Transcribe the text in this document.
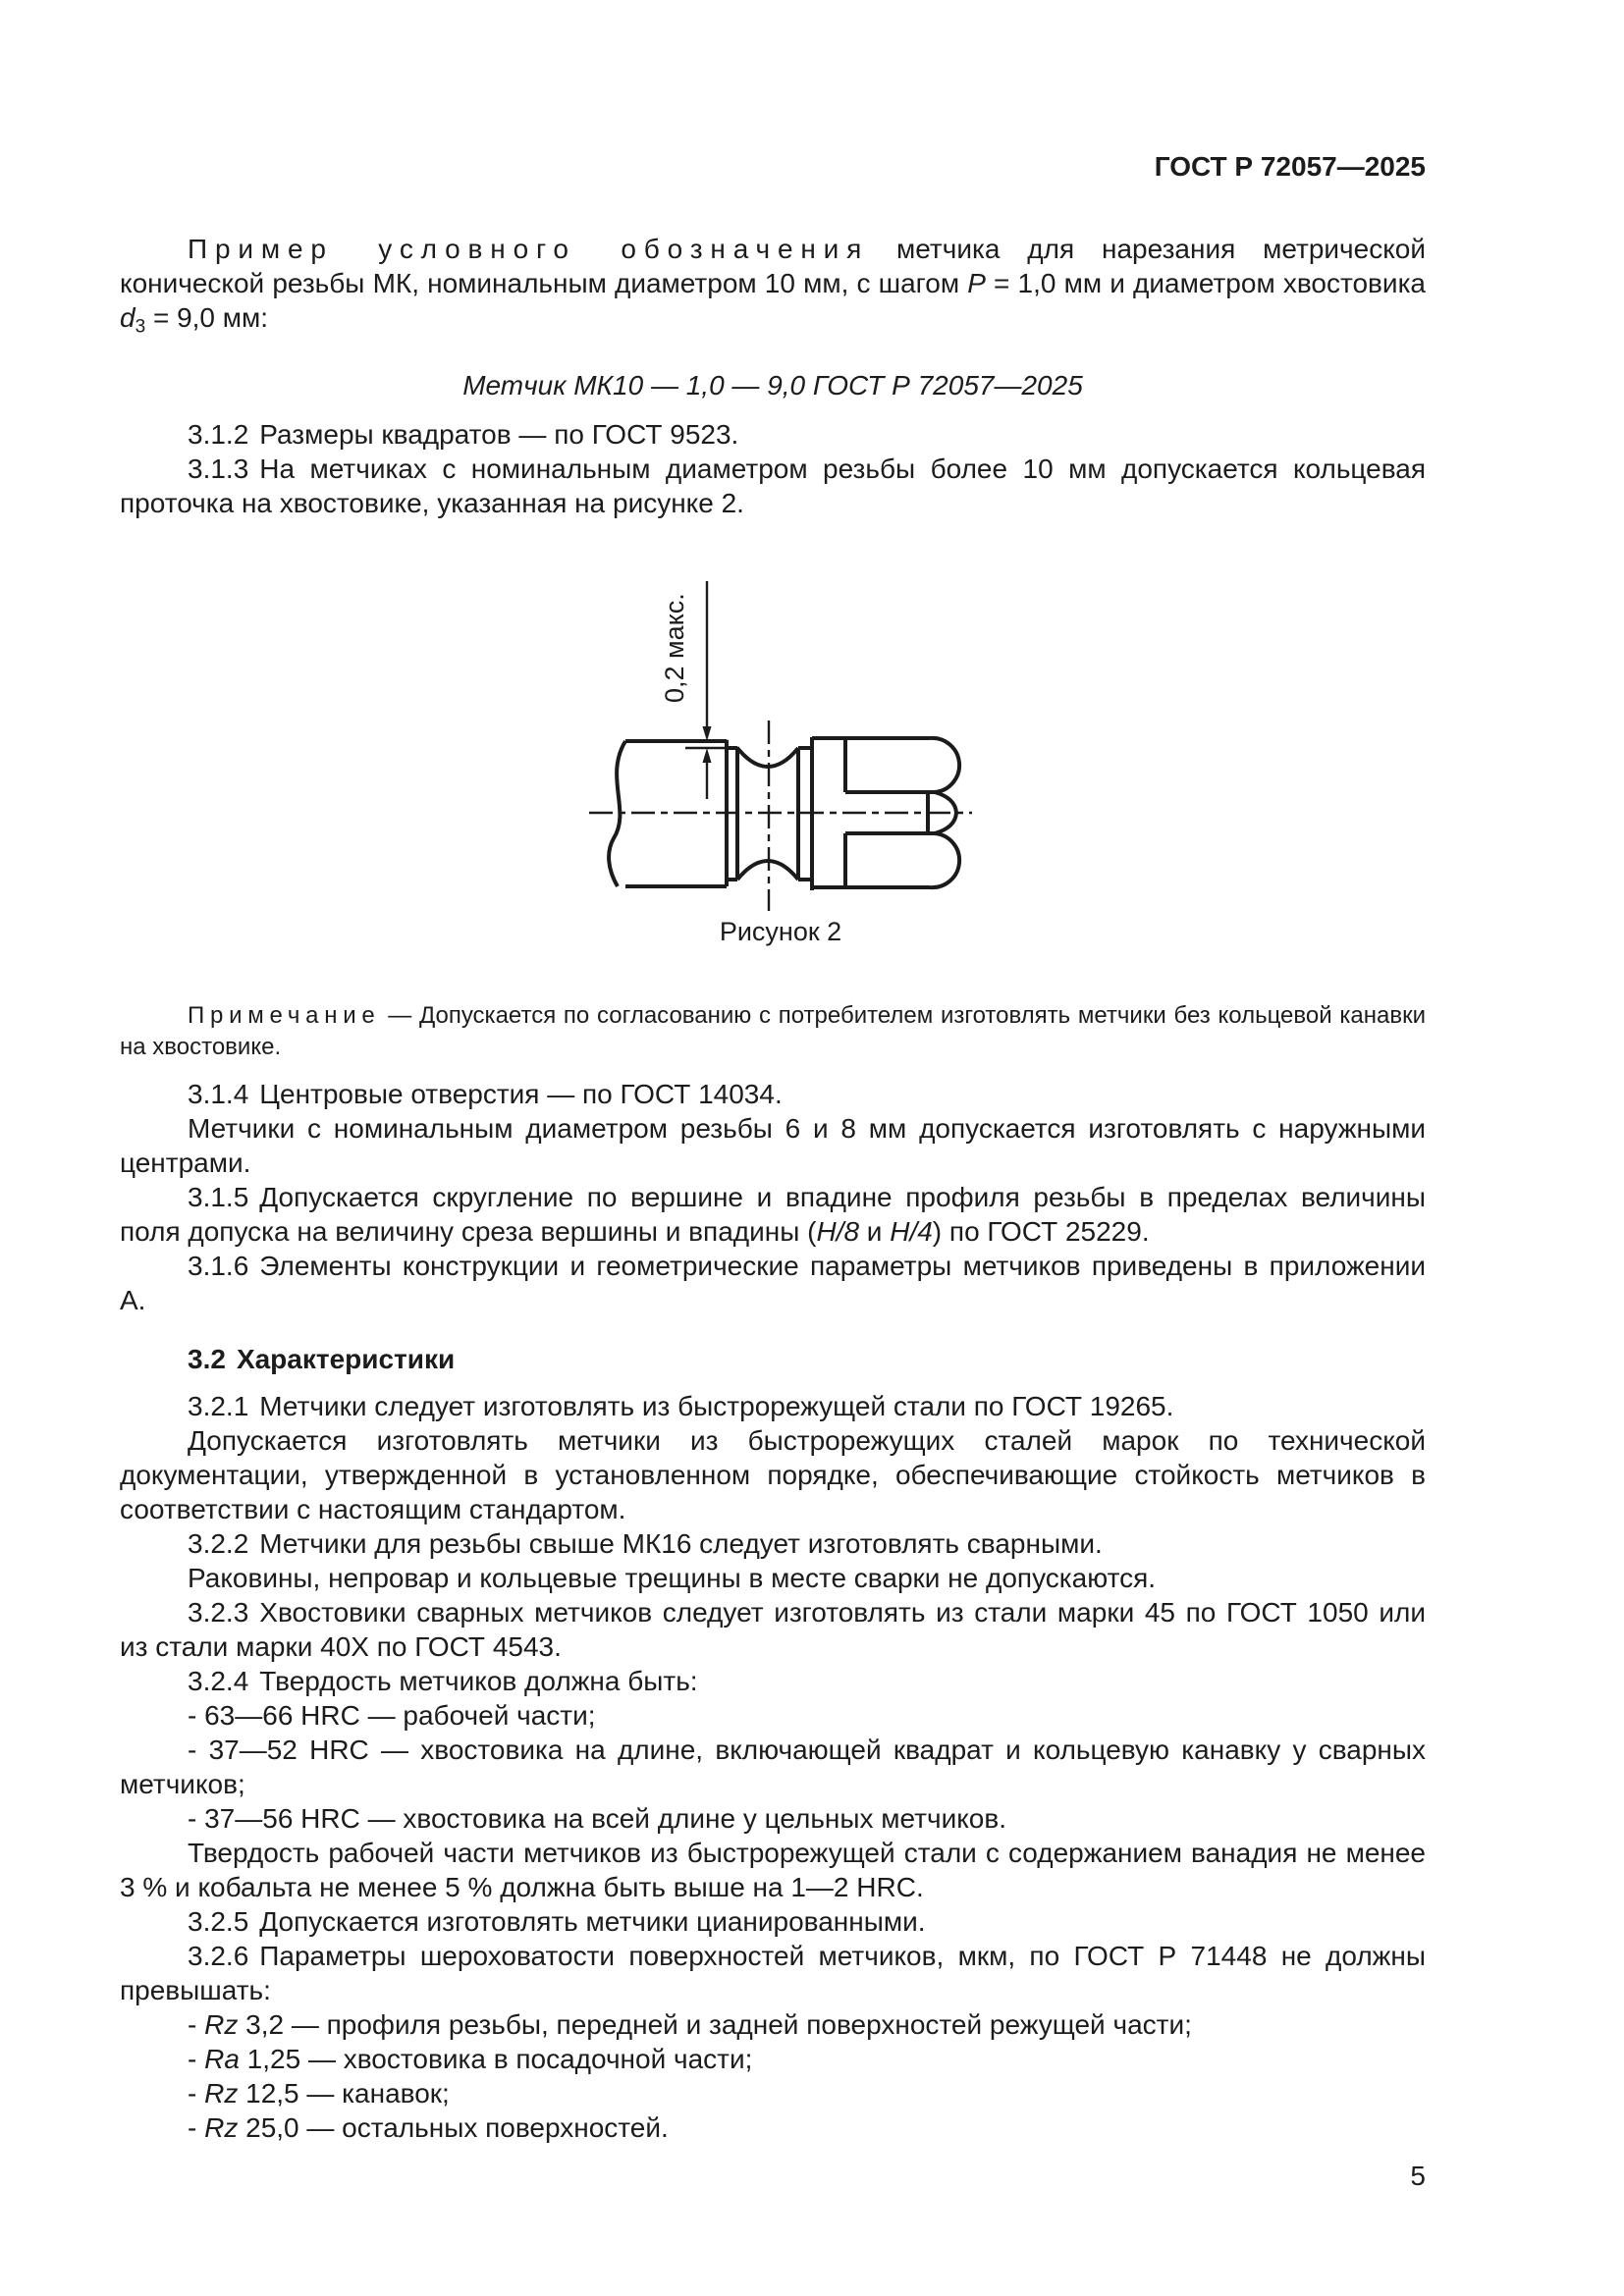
ГОСТ Р 72057—2025

Пример условного обозначения метчика для нарезания метрической конической резьбы МК, номинальным диаметром 10 мм, с шагом P = 1,0 мм и диаметром хвостовика $d_3 = 9,0$ мм:

Метчик МК10 — 1,0 — 9,0 ГОСТ Р 72057—2025

3.1.2 Размеры квадратов — по ГОСТ 9523.

3.1.3 На метчиках с номинальным диаметром резьбы более 10 мм допускается кольцевая проточка на хвостовике, указанная на рисунке 2.

0,2 макс.
Рисунок 2

Примечание — Допускается по согласованию с потребителем изготовлять метчики без кольцевой канавки на хвостовике.

3.1.4 Центровые отверстия — по ГОСТ 14034.

Метчики с номинальным диаметром резьбы 6 и 8 мм допускается изготовлять с наружными центрами.

3.1.5 Допускается скругление по вершине и впадине профиля резьбы в пределах величины поля допуска на величину среза вершины и впадины (H/8 и H/4) по ГОСТ 25229.

3.1.6 Элементы конструкции и геометрические параметры метчиков приведены в приложении А.

3.2 Характеристики

3.2.1 Метчики следует изготовлять из быстрорежущей стали по ГОСТ 19265.

Допускается изготовлять метчики из быстрорежущих сталей марок по технической документации, утвержденной в установленном порядке, обеспечивающие стойкость метчиков в соответствии с настоящим стандартом.

3.2.2 Метчики для резьбы свыше МК16 следует изготовлять сварными.

Раковины, непровар и кольцевые трещины в месте сварки не допускаются.

3.2.3 Хвостовики сварных метчиков следует изготовлять из стали марки 45 по ГОСТ 1050 или из стали марки 40Х по ГОСТ 4543.

3.2.4 Твердость метчиков должна быть:

- 63—66 HRC — рабочей части;

- 37—52 HRC — хвостовика на длине, включающей квадрат и кольцевую канавку у сварных метчиков;

- 37—56 HRC — хвостовика на всей длине у цельных метчиков.

Твердость рабочей части метчиков из быстрорежущей стали с содержанием ванадия не менее 3 % и кобальта не менее 5 % должна быть выше на 1—2 HRC.

3.2.5 Допускается изготовлять метчики цианированными.

3.2.6 Параметры шероховатости поверхностей метчиков, мкм, по ГОСТ Р 71448 не должны превышать:

- Rz 3,2 — профиля резьбы, передней и задней поверхностей режущей части;

- Ra 1,25 — хвостовика в посадочной части;

- Rz 12,5 — канавок;

- Rz 25,0 — остальных поверхностей.

5
